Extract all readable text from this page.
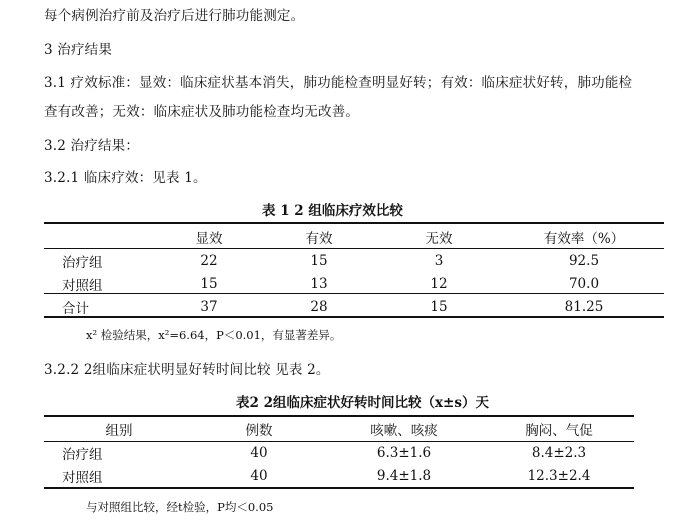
每个病例治疗前及治疗后进行肺功能测定。
3 治疗结果
3.1 疗效标准：显效：临床症状基本消失，肺功能检查明显好转；有效：临床症状好转，肺功能检
查有改善；无效：临床症状及肺功能检查均无改善。
3.2 治疗结果：
3.2.1 临床疗效：见表 1。
表 1 2 组临床疗效比较
	显效	有效	无效	有效率（%）
治疗组	22	15	3	92.5
对照组	15	13	12	70.0
合计	37	28	15	81.25
x² 检验结果，x²=6.64，P＜0.01，有显著差异。
3.2.2 2组临床症状明显好转时间比较 见表 2。
表2 2组临床症状好转时间比较（x±s）天
组别	例数	咳嗽、咳痰	胸闷、气促
治疗组	40	6.3±1.6	8.4±2.3
对照组	40	9.4±1.8	12.3±2.4
与对照组比较，经t检验，P均＜0.05
